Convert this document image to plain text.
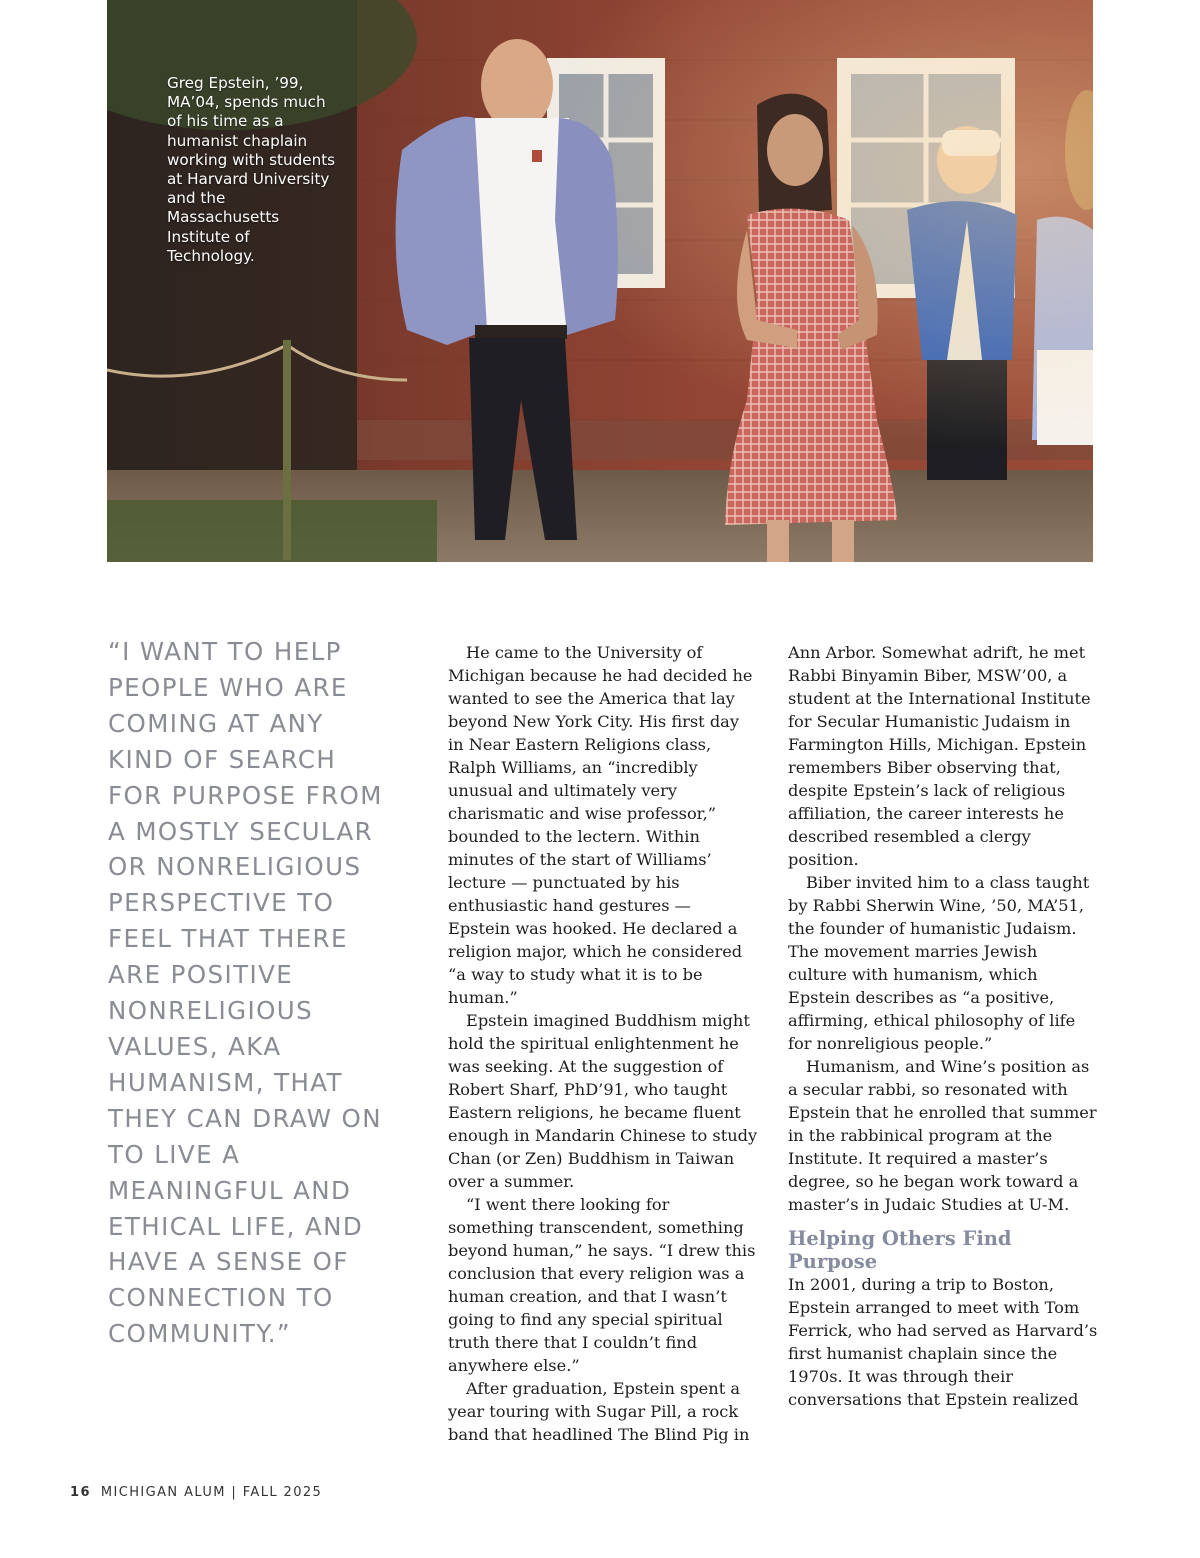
Greg Epstein, ’99, MA’04, spends much of his time as a humanist chaplain working with students at Harvard University and the Massachusetts Institute of Technology.

“I WANT TO HELP PEOPLE WHO ARE COMING AT ANY KIND OF SEARCH FOR PURPOSE FROM A MOSTLY SECULAR OR NONRELIGIOUS PERSPECTIVE TO FEEL THAT THERE ARE POSITIVE NONRELIGIOUS VALUES, AKA HUMANISM, THAT THEY CAN DRAW ON TO LIVE A MEANINGFUL AND ETHICAL LIFE, AND HAVE A SENSE OF CONNECTION TO COMMUNITY.”

He came to the University of Michigan because he had decided he wanted to see the America that lay beyond New York City. His first day in Near Eastern Religions class, Ralph Williams, an “incredibly unusual and ultimately very charismatic and wise professor,” bounded to the lectern. Within minutes of the start of Williams’ lecture — punctuated by his enthusiastic hand gestures — Epstein was hooked. He declared a religion major, which he considered “a way to study what it is to be human.”

Epstein imagined Buddhism might hold the spiritual enlightenment he was seeking. At the suggestion of Robert Sharf, PhD’91, who taught Eastern religions, he became fluent enough in Mandarin Chinese to study Chan (or Zen) Buddhism in Taiwan over a summer.

“I went there looking for something transcendent, something beyond human,” he says. “I drew this conclusion that every religion was a human creation, and that I wasn’t going to find any special spiritual truth there that I couldn’t find anywhere else.”

After graduation, Epstein spent a year touring with Sugar Pill, a rock band that headlined The Blind Pig in

Ann Arbor. Somewhat adrift, he met Rabbi Binyamin Biber, MSW’00, a student at the International Institute for Secular Humanistic Judaism in Farmington Hills, Michigan. Epstein remembers Biber observing that, despite Epstein’s lack of religious affiliation, the career interests he described resembled a clergy position.

Biber invited him to a class taught by Rabbi Sherwin Wine, ’50, MA’51, the founder of humanistic Judaism. The movement marries Jewish culture with humanism, which Epstein describes as “a positive, affirming, ethical philosophy of life for nonreligious people.”

Humanism, and Wine’s position as a secular rabbi, so resonated with Epstein that he enrolled that summer in the rabbinical program at the Institute. It required a master’s degree, so he began work toward a master’s in Judaic Studies at U-M.

Helping Others Find Purpose

In 2001, during a trip to Boston, Epstein arranged to meet with Tom Ferrick, who had served as Harvard’s first humanist chaplain since the 1970s. It was through their conversations that Epstein realized

16 MICHIGAN ALUM | FALL 2025
